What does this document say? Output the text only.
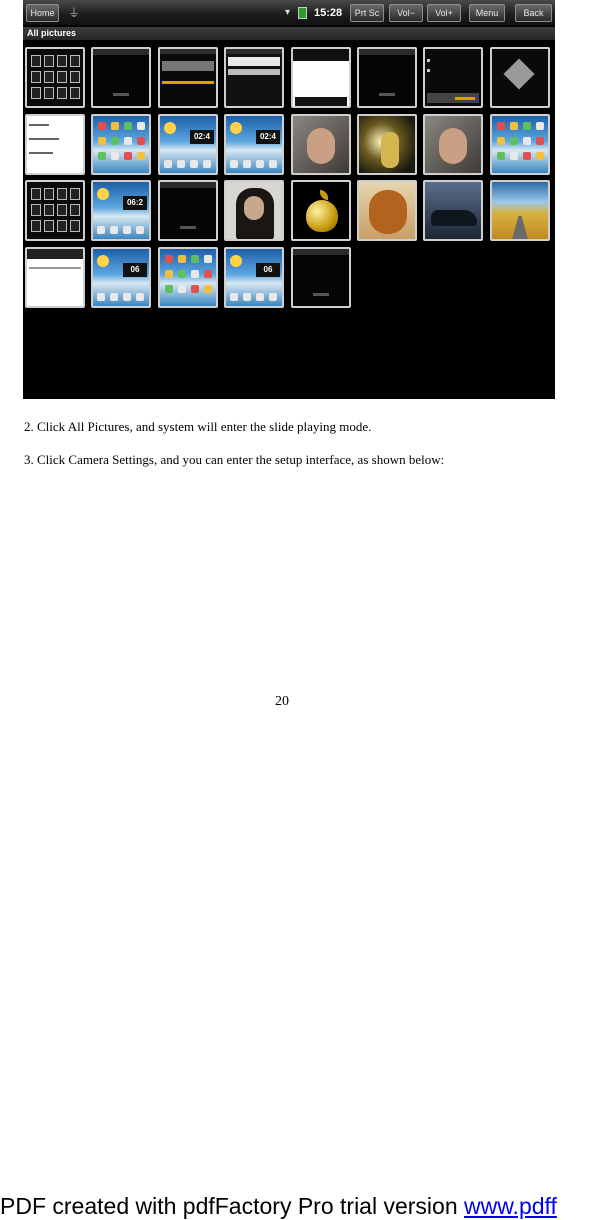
Home	⏚	▾	15:28	Prt Sc	Vol−	Vol+	Menu	Back
All pictures
02:4	02:4
06:2
06	06
2. Click All Pictures, and system will enter the slide playing mode.
3. Click Camera Settings, and you can enter the setup interface, as shown below:
20
PDF created with pdfFactory Pro trial version www.pdff
